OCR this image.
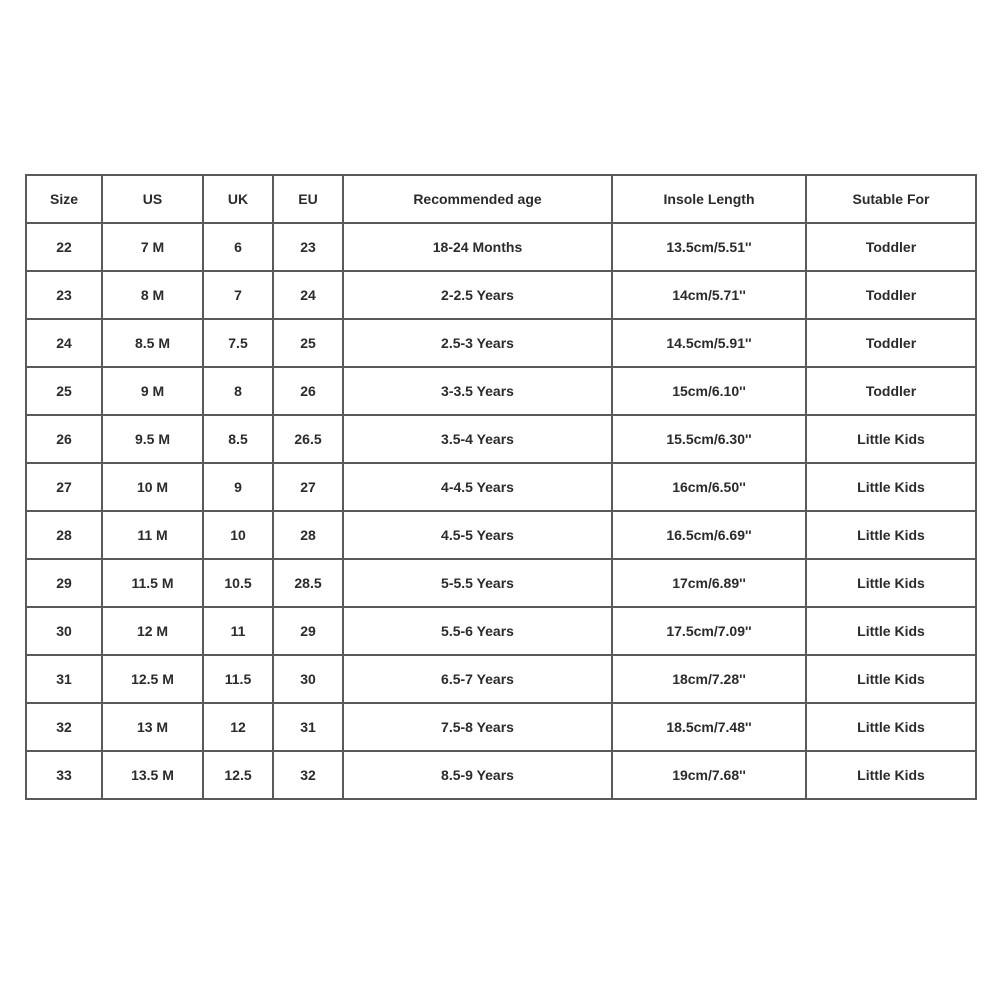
Size	US	UK	EU	Recommended age	Insole Length	Sutable For
22	7 M	6	23	18-24 Months	13.5cm/5.51''	Toddler
23	8 M	7	24	2-2.5 Years	14cm/5.71''	Toddler
24	8.5 M	7.5	25	2.5-3 Years	14.5cm/5.91''	Toddler
25	9 M	8	26	3-3.5 Years	15cm/6.10''	Toddler
26	9.5 M	8.5	26.5	3.5-4 Years	15.5cm/6.30''	Little Kids
27	10 M	9	27	4-4.5 Years	16cm/6.50''	Little Kids
28	11 M	10	28	4.5-5 Years	16.5cm/6.69''	Little Kids
29	11.5 M	10.5	28.5	5-5.5 Years	17cm/6.89''	Little Kids
30	12 M	11	29	5.5-6 Years	17.5cm/7.09''	Little Kids
31	12.5 M	11.5	30	6.5-7 Years	18cm/7.28''	Little Kids
32	13 M	12	31	7.5-8 Years	18.5cm/7.48''	Little Kids
33	13.5 M	12.5	32	8.5-9 Years	19cm/7.68''	Little Kids
